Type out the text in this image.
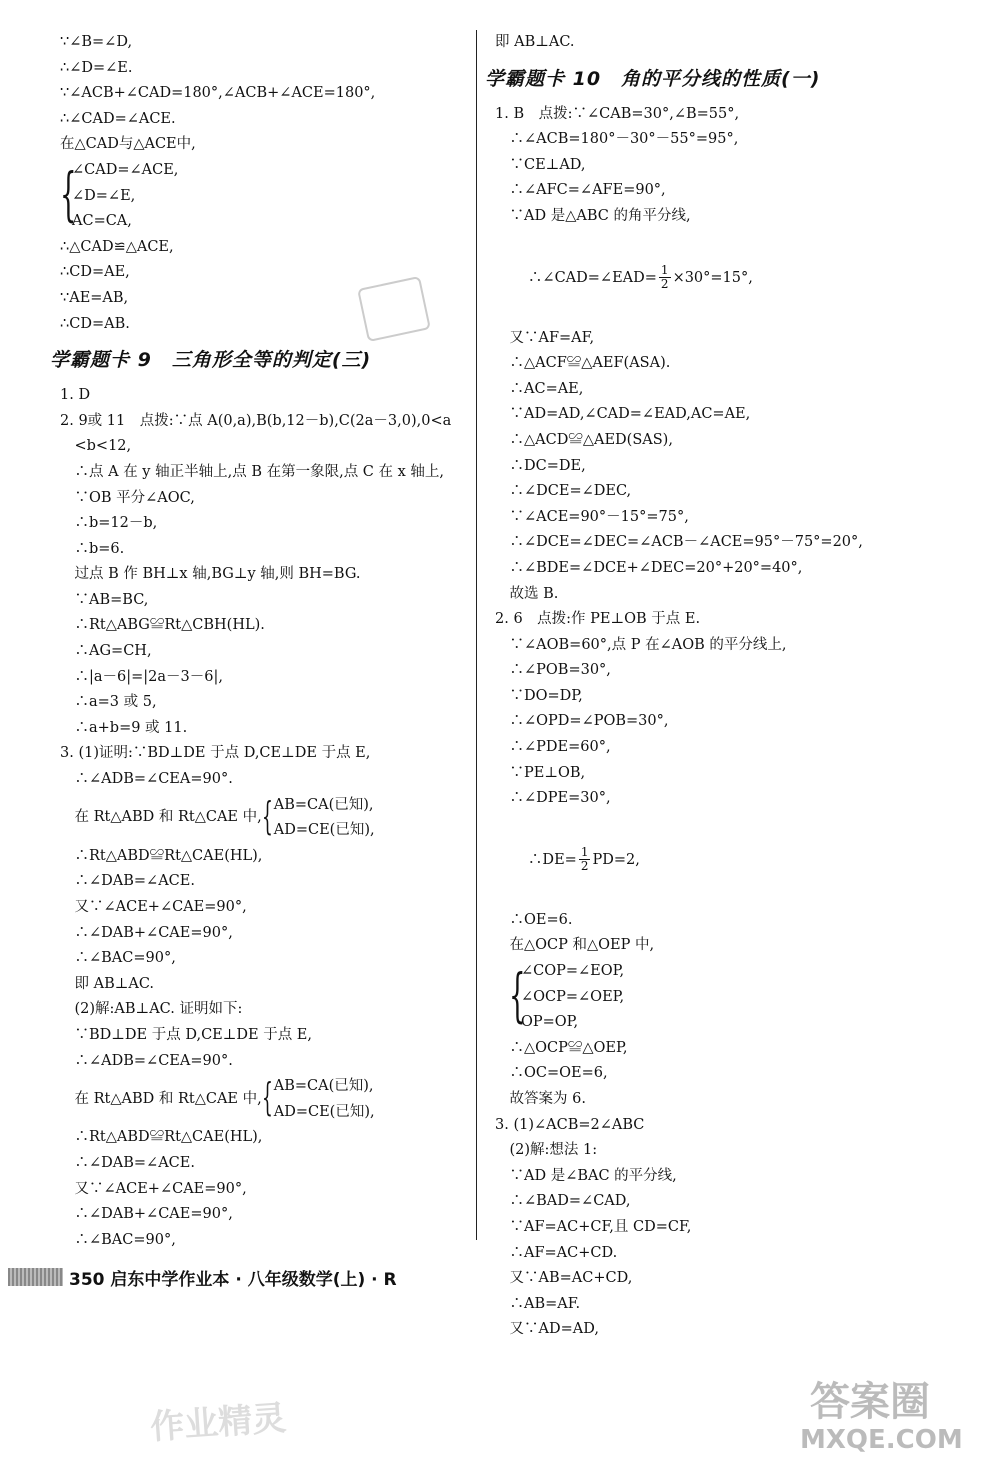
∵∠B=∠D,
∴∠D=∠E.
∵∠ACB+∠CAD=180°,∠ACB+∠ACE=180°,
∴∠CAD=∠ACE.
在△CAD与△ACE中,
{
∠CAD=∠ACE,
∠D=∠E,
AC=CA,
∴△CAD≌△ACE,
∴CD=AE,
∵AE=AB,
∴CD=AB.
学霸题卡 9　三角形全等的判定(三)
1. D
2. 9或 11　点拨:∵点 A(0,a),B(b,12－b),C(2a－3,0),0<a
　<b<12,
　∴点 A 在 y 轴正半轴上,点 B 在第一象限,点 C 在 x 轴上,
　∵OB 平分∠AOC,
　∴b=12－b,
　∴b=6.
　过点 B 作 BH⊥x 轴,BG⊥y 轴,则 BH=BG.
　∵AB=BC,
　∴Rt△ABG≌Rt△CBH(HL).
　∴AG=CH,
　∴|a－6|=|2a－3－6|,
　∴a=3 或 5,
　∴a+b=9 或 11.
3. (1)证明:∵BD⊥DE 于点 D,CE⊥DE 于点 E,
　∴∠ADB=∠CEA=90°.
　在 Rt△ABD 和 Rt△CAE 中, { AB=CA(已知),
AD=CE(已知),
　∴Rt△ABD≌Rt△CAE(HL),
　∴∠DAB=∠ACE.
　又∵∠ACE+∠CAE=90°,
　∴∠DAB+∠CAE=90°,
　∴∠BAC=90°,
　即 AB⊥AC.
　(2)解:AB⊥AC. 证明如下:
　∵BD⊥DE 于点 D,CE⊥DE 于点 E,
　∴∠ADB=∠CEA=90°.
　在 Rt△ABD 和 Rt△CAE 中, { AB=CA(已知),
AD=CE(已知),
　∴Rt△ABD≌Rt△CAE(HL),
　∴∠DAB=∠ACE.
　又∵∠ACE+∠CAE=90°,
　∴∠DAB+∠CAE=90°,
　∴∠BAC=90°,
即 AB⊥AC.
学霸题卡 10　角的平分线的性质(一)
1. B　点拨:∵∠CAB=30°,∠B=55°,
　∴∠ACB=180°－30°－55°=95°,
　∵CE⊥AD,
　∴∠AFC=∠AFE=90°,
　∵AD 是△ABC 的角平分线,

　∴∠CAD=∠EAD= $\frac{1}{2} \times 30^\circ=15^\circ$,

　又∵AF=AF,
　∴△ACF≌△AEF(ASA).
　∴AC=AE,
　∵AD=AD,∠CAD=∠EAD,AC=AE,
　∴△ACD≌△AED(SAS),
　∴DC=DE,
　∴∠DCE=∠DEC,
　∵∠ACE=90°－15°=75°,
　∴∠DCE=∠DEC=∠ACB－∠ACE=95°－75°=20°,
　∴∠BDE=∠DCE+∠DEC=20°+20°=40°,
　故选 B.
2. 6　点拨:作 PE⊥OB 于点 E.
　∵∠AOB=60°,点 P 在∠AOB 的平分线上,
　∴∠POB=30°,
　∵DO=DP,
　∴∠OPD=∠POB=30°,
　∴∠PDE=60°,
　∵PE⊥OB,
　∴∠DPE=30°,

　∴DE= $\frac{1}{2} PD=2$,

　∴OE=6.
　在△OCP 和△OEP 中,
{
∠COP=∠EOP,
∠OCP=∠OEP,
OP=OP,
　∴△OCP≌△OEP,
　∴OC=OE=6,
　故答案为 6.
3. (1)∠ACB=2∠ABC
　(2)解:想法 1:
　∵AD 是∠BAC 的平分线,
　∴∠BAD=∠CAD,
　∵AF=AC+CF,且 CD=CF,
　∴AF=AC+CD.
　又∵AB=AC+CD,
　∴AB=AF.
　又∵AD=AD,
350 启东中学作业本 · 八年级数学(上) · R
作业精灵	答案圈
MXQE.COM
